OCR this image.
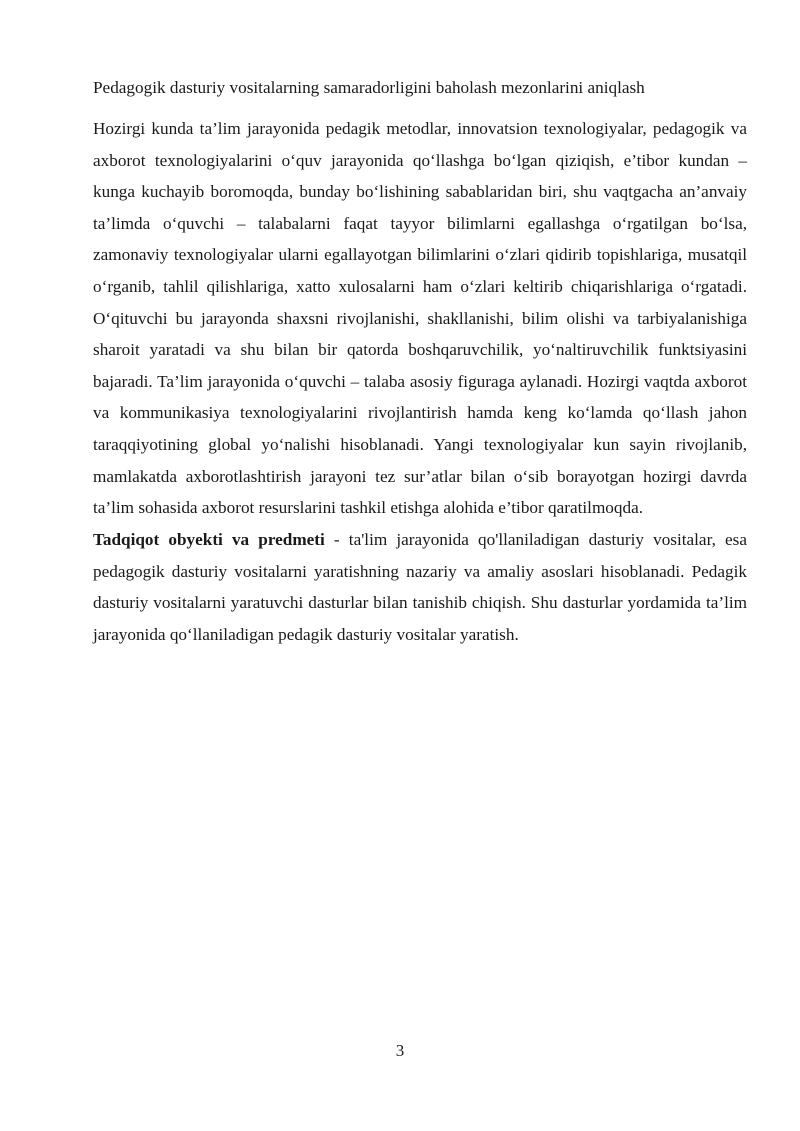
Pedagogik dasturiy vositalarning samaradorligini baholash mezonlarini aniqlash

Hozirgi kunda ta’lim jarayonida pedagik metodlar, innovatsion texnologiyalar, pedagogik va axborot texnologiyalarini o‘quv jarayonida qo‘llashga bo‘lgan qiziqish, e’tibor kundan – kunga kuchayib boromoqda, bunday bo‘lishining sabablaridan biri, shu vaqtgacha an’anvaiy ta’limda o‘quvchi – talabalarni faqat tayyor bilimlarni egallashga o‘rgatilgan bo‘lsa, zamonaviy texnologiyalar ularni egallayotgan bilimlarini o‘zlari qidirib topishlariga, musatqil o‘rganib, tahlil qilishlariga, xatto xulosalarni ham o‘zlari keltirib chiqarishlariga o‘rgatadi. O‘qituvchi bu jarayonda shaxsni rivojlanishi, shakllanishi, bilim olishi va tarbiyalanishiga sharoit yaratadi va shu bilan bir qatorda boshqaruvchilik, yo‘naltiruvchilik funktsiyasini bajaradi. Ta’lim jarayonida o‘quvchi – talaba asosiy figuraga aylanadi. Hozirgi vaqtda axborot va kommunikasiya texnologiyalarini rivojlantirish hamda keng ko‘lamda qo‘llash jahon taraqqiyotining global yo‘nalishi hisoblanadi. Yangi texnologiyalar kun sayin rivojlanib, mamlakatda axborotlashtirish jarayoni tez sur’atlar bilan o‘sib borayotgan hozirgi davrda ta’lim sohasida axborot resurslarini tashkil etishga alohida e’tibor qaratilmoqda.

Tadqiqot obyekti va predmeti - ta'lim jarayonida qo'llaniladigan dasturiy vositalar, esa pedagogik dasturiy vositalarni yaratishning nazariy va amaliy asoslari hisoblanadi. Pedagik dasturiy vositalarni yaratuvchi dasturlar bilan tanishib chiqish. Shu dasturlar yordamida ta’lim jarayonida qo‘llaniladigan pedagik dasturiy vositalar yaratish.

3
